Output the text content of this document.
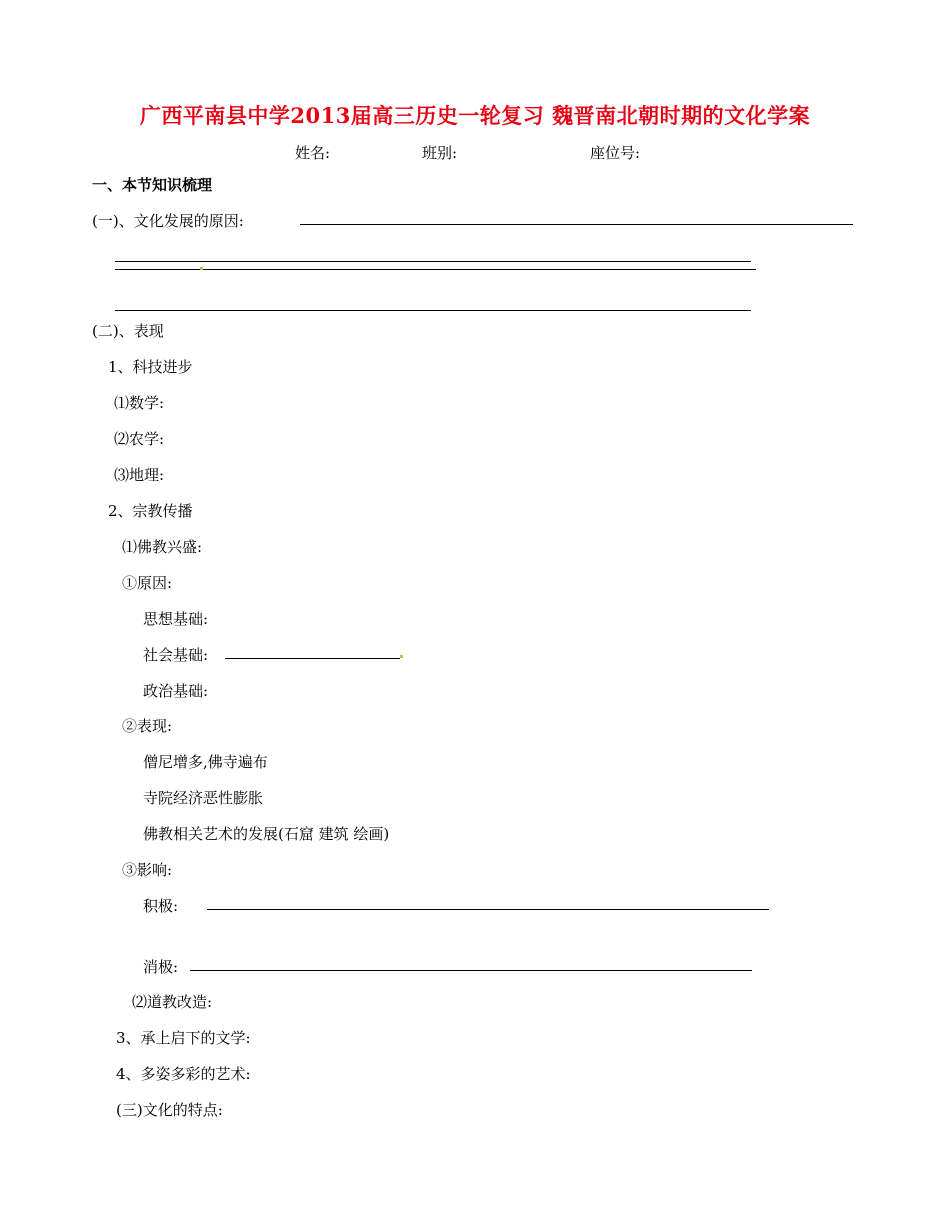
广西平南县中学2013届高三历史一轮复习 魏晋南北朝时期的文化学案
姓名:	班别:	座位号:
一、本节知识梳理
(一)、文化发展的原因:
(二)、表现
1、科技进步
⑴数学:
⑵农学:
⑶地理:
2、宗教传播
⑴佛教兴盛:
①原因:
思想基础:
社会基础:
政治基础:
②表现:
僧尼增多,佛寺遍布
寺院经济恶性膨胀
佛教相关艺术的发展(石窟 建筑 绘画)
③影响:
积极:
消极:
⑵道教改造:
3、承上启下的文学:
4、多姿多彩的艺术:
(三)文化的特点:
